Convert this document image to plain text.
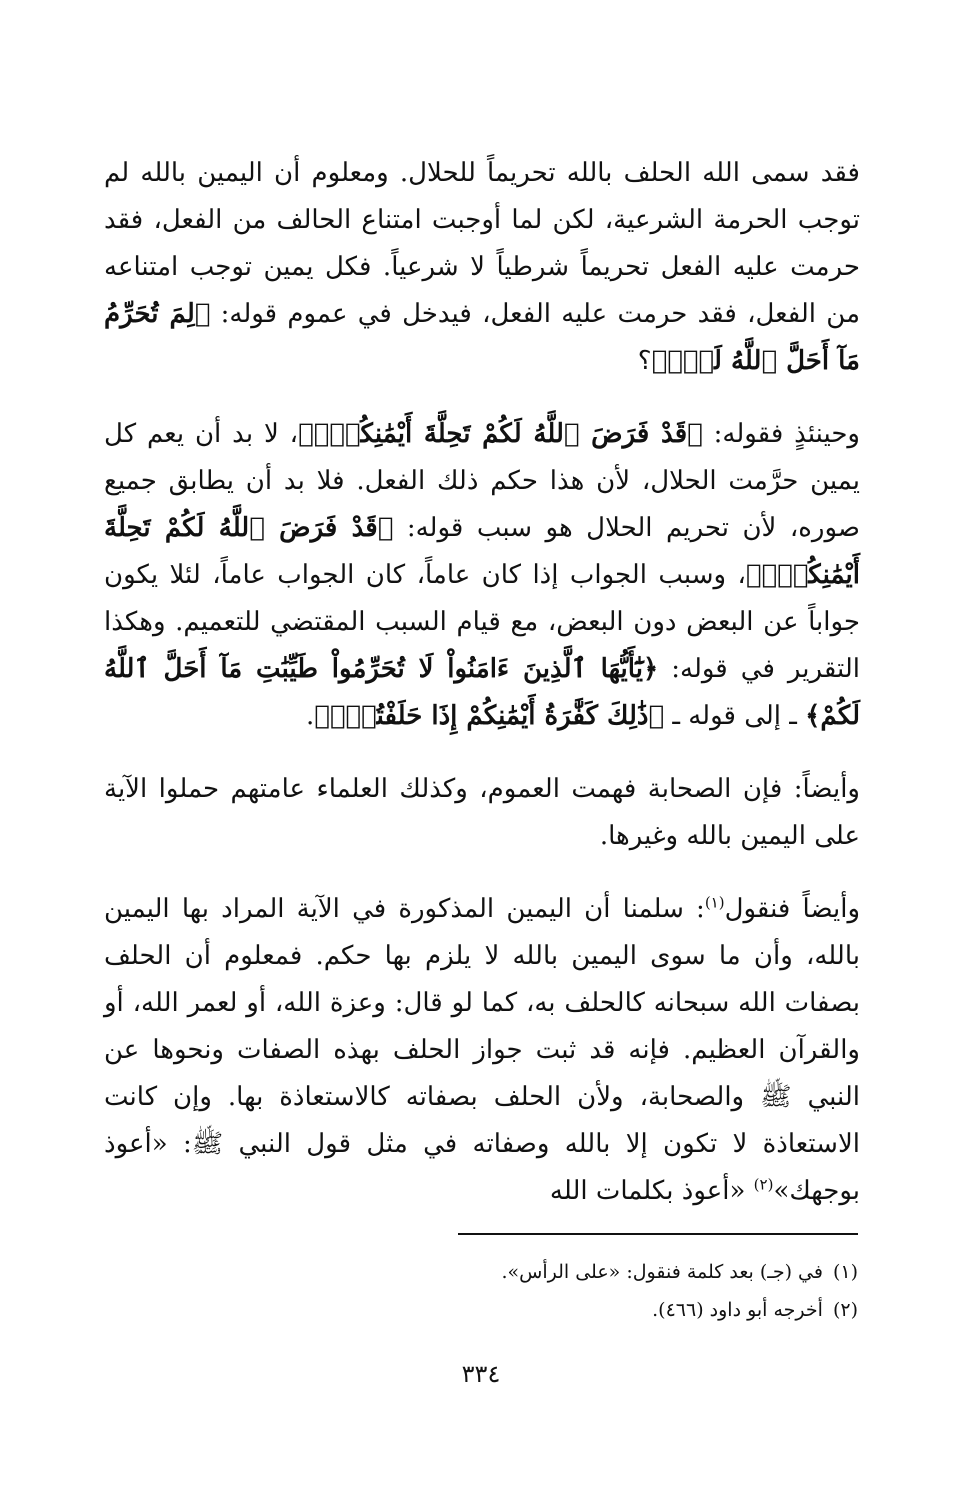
فقد سمى الله الحلف بالله تحريماً للحلال. ومعلوم أن اليمين بالله لم توجب الحرمة الشرعية، لكن لما أوجبت امتناع الحالف من الفعل، فقد حرمت عليه الفعل تحريماً شرطياً لا شرعياً. فكل يمين توجب امتناعه من الفعل، فقد حرمت عليه الفعل، فيدخل في عموم قوله: ﴿لِمَ تُحَرِّمُ مَآ أَحَلَّ ٱللَّهُ لَكَۖ﴾؟

وحينئذٍ فقوله: ﴿قَدْ فَرَضَ ٱللَّهُ لَكُمْ تَحِلَّةَ أَيْمَٰنِكُمْۚ﴾، لا بد أن يعم كل يمين حرَّمت الحلال، لأن هذا حكم ذلك الفعل. فلا بد أن يطابق جميع صوره، لأن تحريم الحلال هو سبب قوله: ﴿قَدْ فَرَضَ ٱللَّهُ لَكُمْ تَحِلَّةَ أَيْمَٰنِكُمْۚ﴾، وسبب الجواب إذا كان عاماً، كان الجواب عاماً، لئلا يكون جواباً عن البعض دون البعض، مع قيام السبب المقتضي للتعميم. وهكذا التقرير في قوله: ﴿يَٰٓأَيُّهَا ٱلَّذِينَ ءَامَنُواْ لَا تُحَرِّمُواْ طَيِّبَٰتِ مَآ أَحَلَّ ٱللَّهُ لَكُمْ﴾ ـ إلى قوله ـ ﴿ذَٰلِكَ كَفَّٰرَةُ أَيْمَٰنِكُمْ إِذَا حَلَفْتُمْۚ﴾.

وأيضاً: فإن الصحابة فهمت العموم، وكذلك العلماء عامتهم حملوا الآية على اليمين بالله وغيرها.

وأيضاً فنقول$^{(١)}$: سلمنا أن اليمين المذكورة في الآية المراد بها اليمين بالله، وأن ما سوى اليمين بالله لا يلزم بها حكم. فمعلوم أن الحلف بصفات الله سبحانه كالحلف به، كما لو قال: وعزة الله، أو لعمر الله، أو والقرآن العظيم. فإنه قد ثبت جواز الحلف بهذه الصفات ونحوها عن النبي ﷺ والصحابة، ولأن الحلف بصفاته كالاستعاذة بها. وإن كانت الاستعاذة لا تكون إلا بالله وصفاته في مثل قول النبي ﷺ: «أعوذ بوجهك»$^{(٢)}$ «أعوذ بكلمات الله

(١)في (جـ) بعد كلمة فنقول: «على الرأس».

(٢)أخرجه أبو داود (٤٦٦).

٣٣٤
